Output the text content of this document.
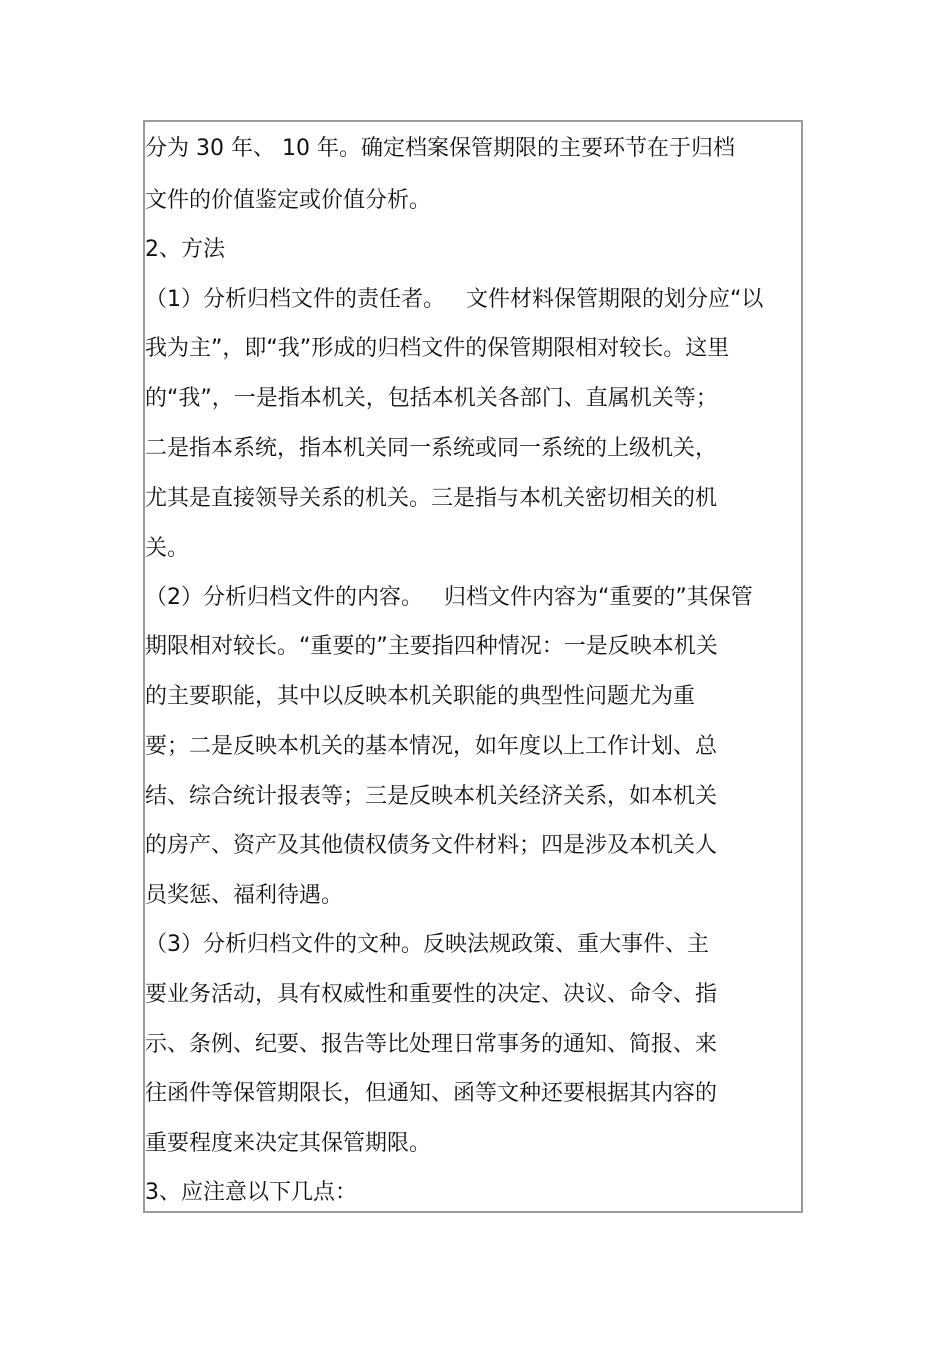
分为 30 年、 10 年。确定档案保管期限的主要环节在于归档
文件的价值鉴定或价值分析。
2、方法
（1）分析归档文件的责任者。   文件材料保管期限的划分应“以
我为主”，即“我”形成的归档文件的保管期限相对较长。这里
的“我”，一是指本机关，包括本机关各部门、直属机关等；
二是指本系统，指本机关同一系统或同一系统的上级机关，
尤其是直接领导关系的机关。三是指与本机关密切相关的机
关。
（2）分析归档文件的内容。   归档文件内容为“重要的”其保管
期限相对较长。“重要的”主要指四种情况：一是反映本机关
的主要职能，其中以反映本机关职能的典型性问题尤为重
要；二是反映本机关的基本情况，如年度以上工作计划、总
结、综合统计报表等；三是反映本机关经济关系，如本机关
的房产、资产及其他债权债务文件材料；四是涉及本机关人
员奖惩、福利待遇。
（3）分析归档文件的文种。反映法规政策、重大事件、主
要业务活动，具有权威性和重要性的决定、决议、命令、指
示、条例、纪要、报告等比处理日常事务的通知、简报、来
往函件等保管期限长，但通知、函等文种还要根据其内容的
重要程度来决定其保管期限。
3、应注意以下几点：
